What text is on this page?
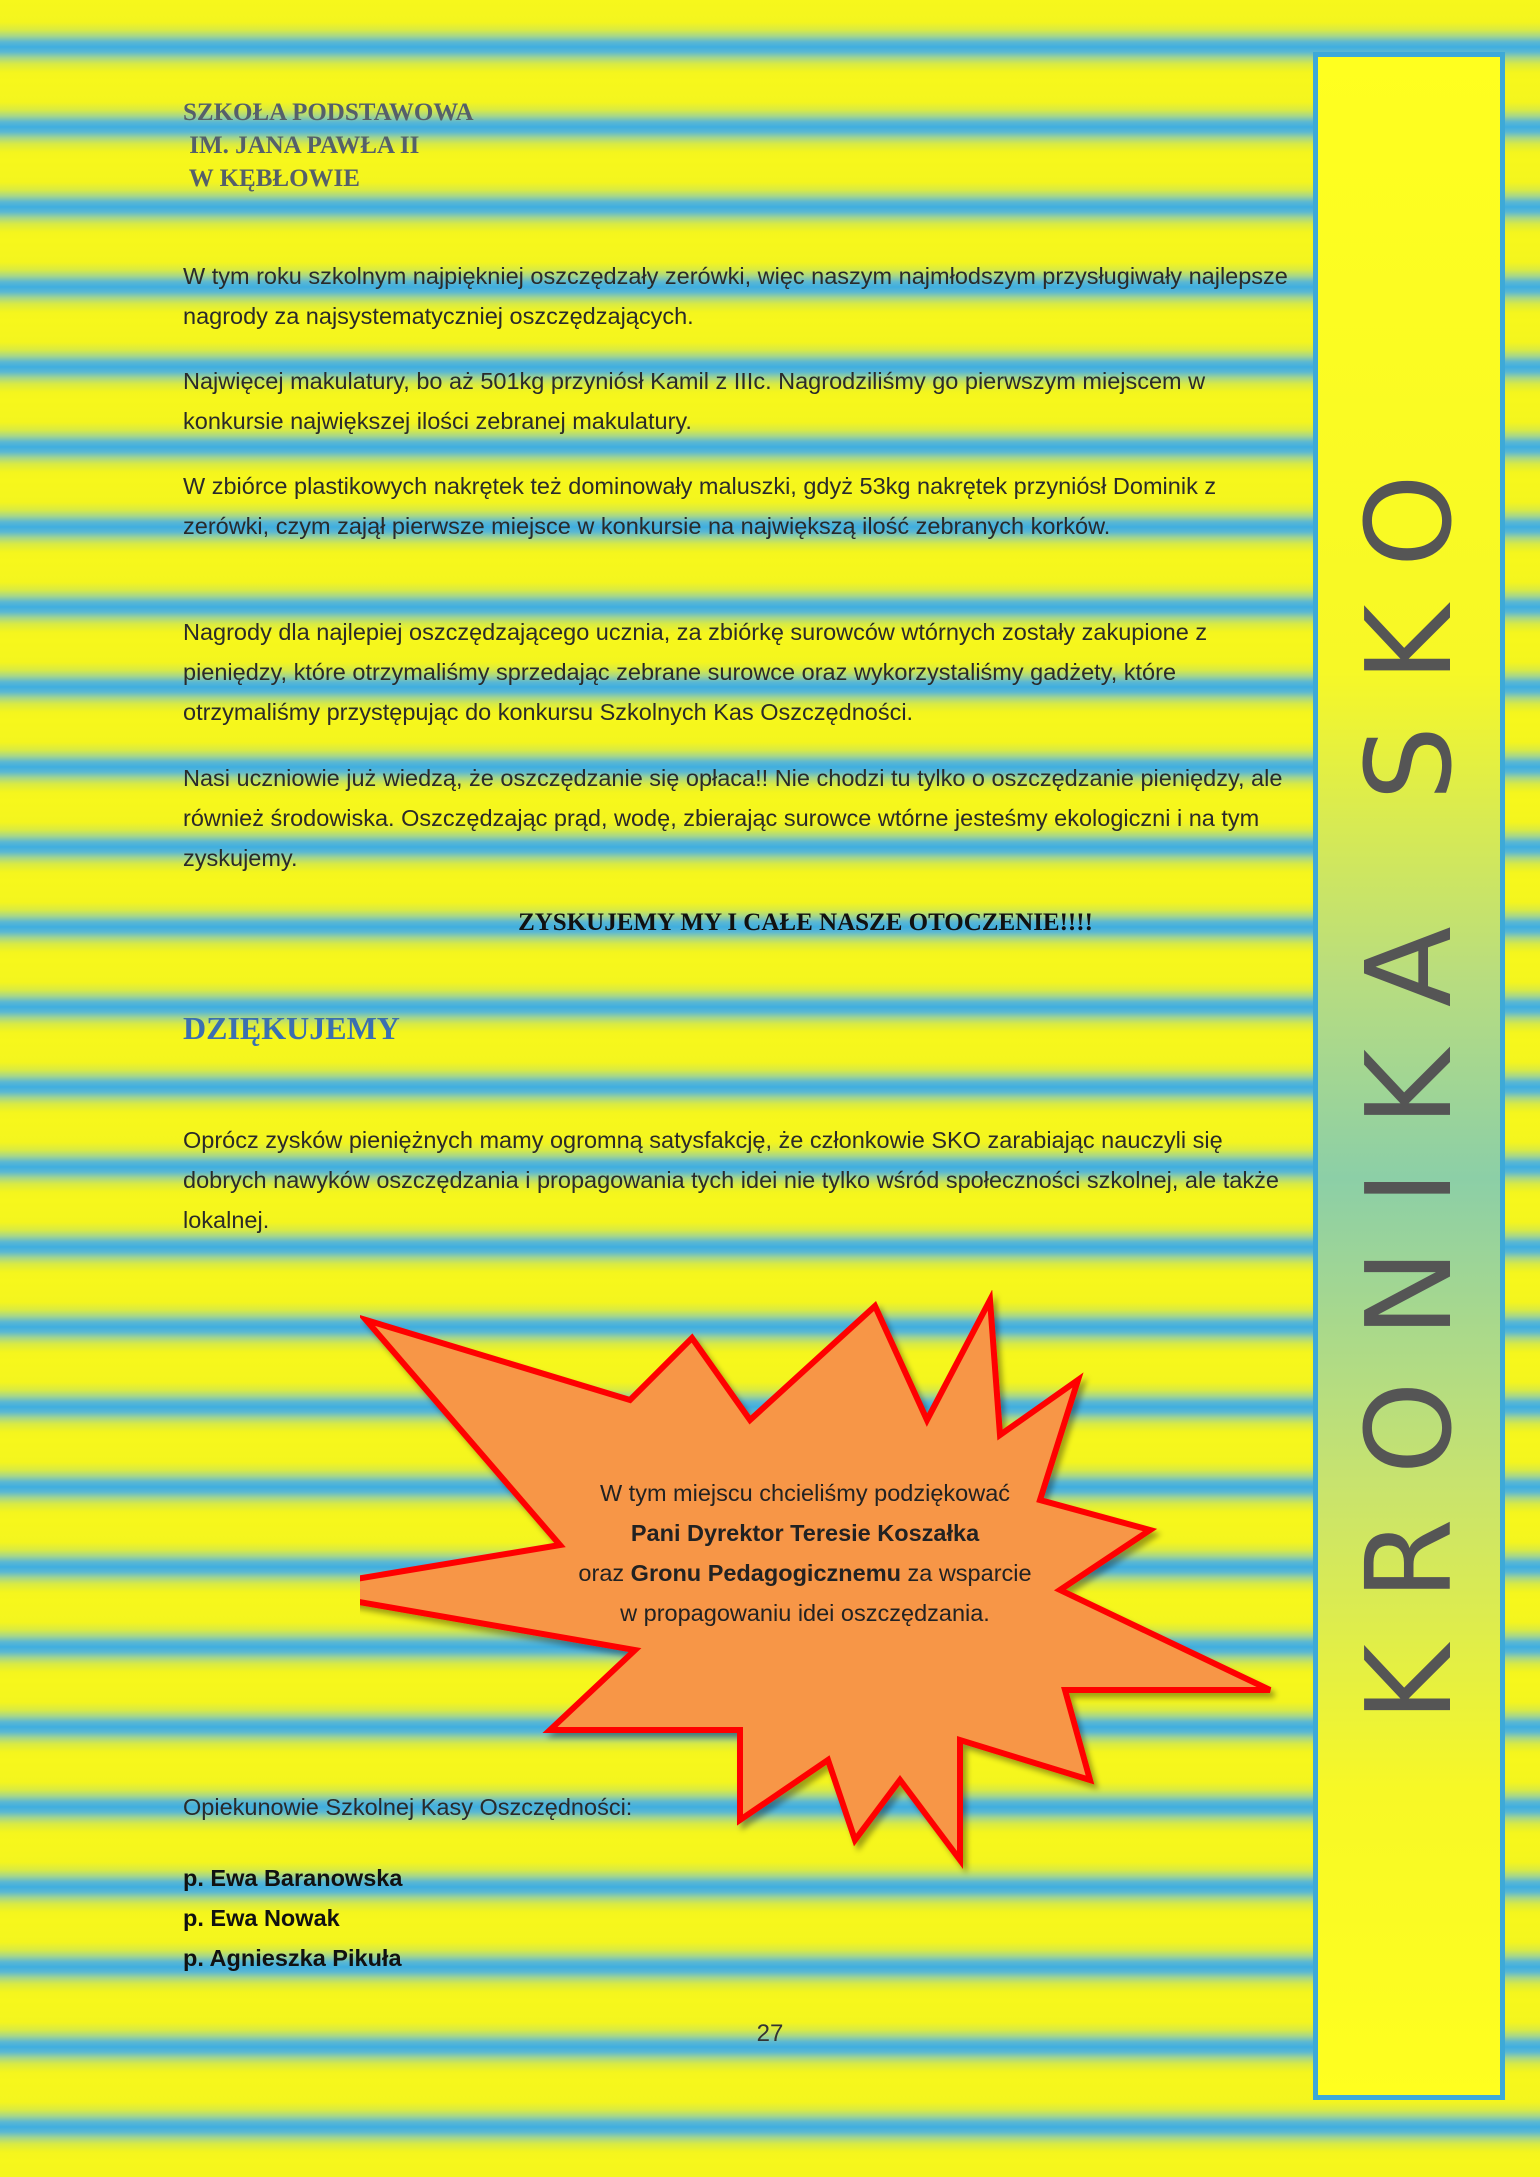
SZKOŁA PODSTAWOWA
IM. JANA PAWŁA II
W KĘBŁOWIE

W tym roku szkolnym najpiękniej oszczędzały zerówki, więc naszym najmłodszym przysługiwały najlepsze nagrody za najsystematyczniej oszczędzających.

Najwięcej makulatury, bo aż 501kg przyniósł Kamil z IIIc. Nagrodziliśmy go pierwszym miejscem w konkursie największej ilości zebranej makulatury.

W zbiórce plastikowych nakrętek też dominowały maluszki, gdyż 53kg nakrętek przyniósł Dominik z zerówki, czym zajął pierwsze miejsce w konkursie na największą ilość zebranych korków.

Nagrody dla najlepiej oszczędzającego ucznia, za zbiórkę surowców wtórnych zostały zakupione z pieniędzy, które otrzymaliśmy sprzedając zebrane surowce oraz wykorzystaliśmy gadżety, które otrzymaliśmy przystępując do konkursu Szkolnych Kas Oszczędności.

Nasi uczniowie już wiedzą, że oszczędzanie się opłaca!! Nie chodzi tu tylko o oszczędzanie pieniędzy, ale również środowiska. Oszczędzając prąd, wodę, zbierając surowce wtórne jesteśmy ekologiczni i na tym zyskujemy.

ZYSKUJEMY MY I CAŁE NASZE OTOCZENIE!!!!

DZIĘKUJEMY

Oprócz zysków pieniężnych mamy ogromną satysfakcję, że członkowie SKO zarabiając nauczyli się dobrych nawyków oszczędzania i propagowania tych idei nie tylko wśród społeczności szkolnej, ale także lokalnej.

W tym miejscu chcieliśmy podziękować
Pani Dyrektor Teresie Koszałka
oraz Gronu Pedagogicznemu za wsparcie
w propagowaniu idei oszczędzania.
Opiekunowie Szkolnej Kasy Oszczędności:
p. Ewa Baranowska
p. Ewa Nowak
p. Agnieszka Pikuła
27
KRONIKA SKO
